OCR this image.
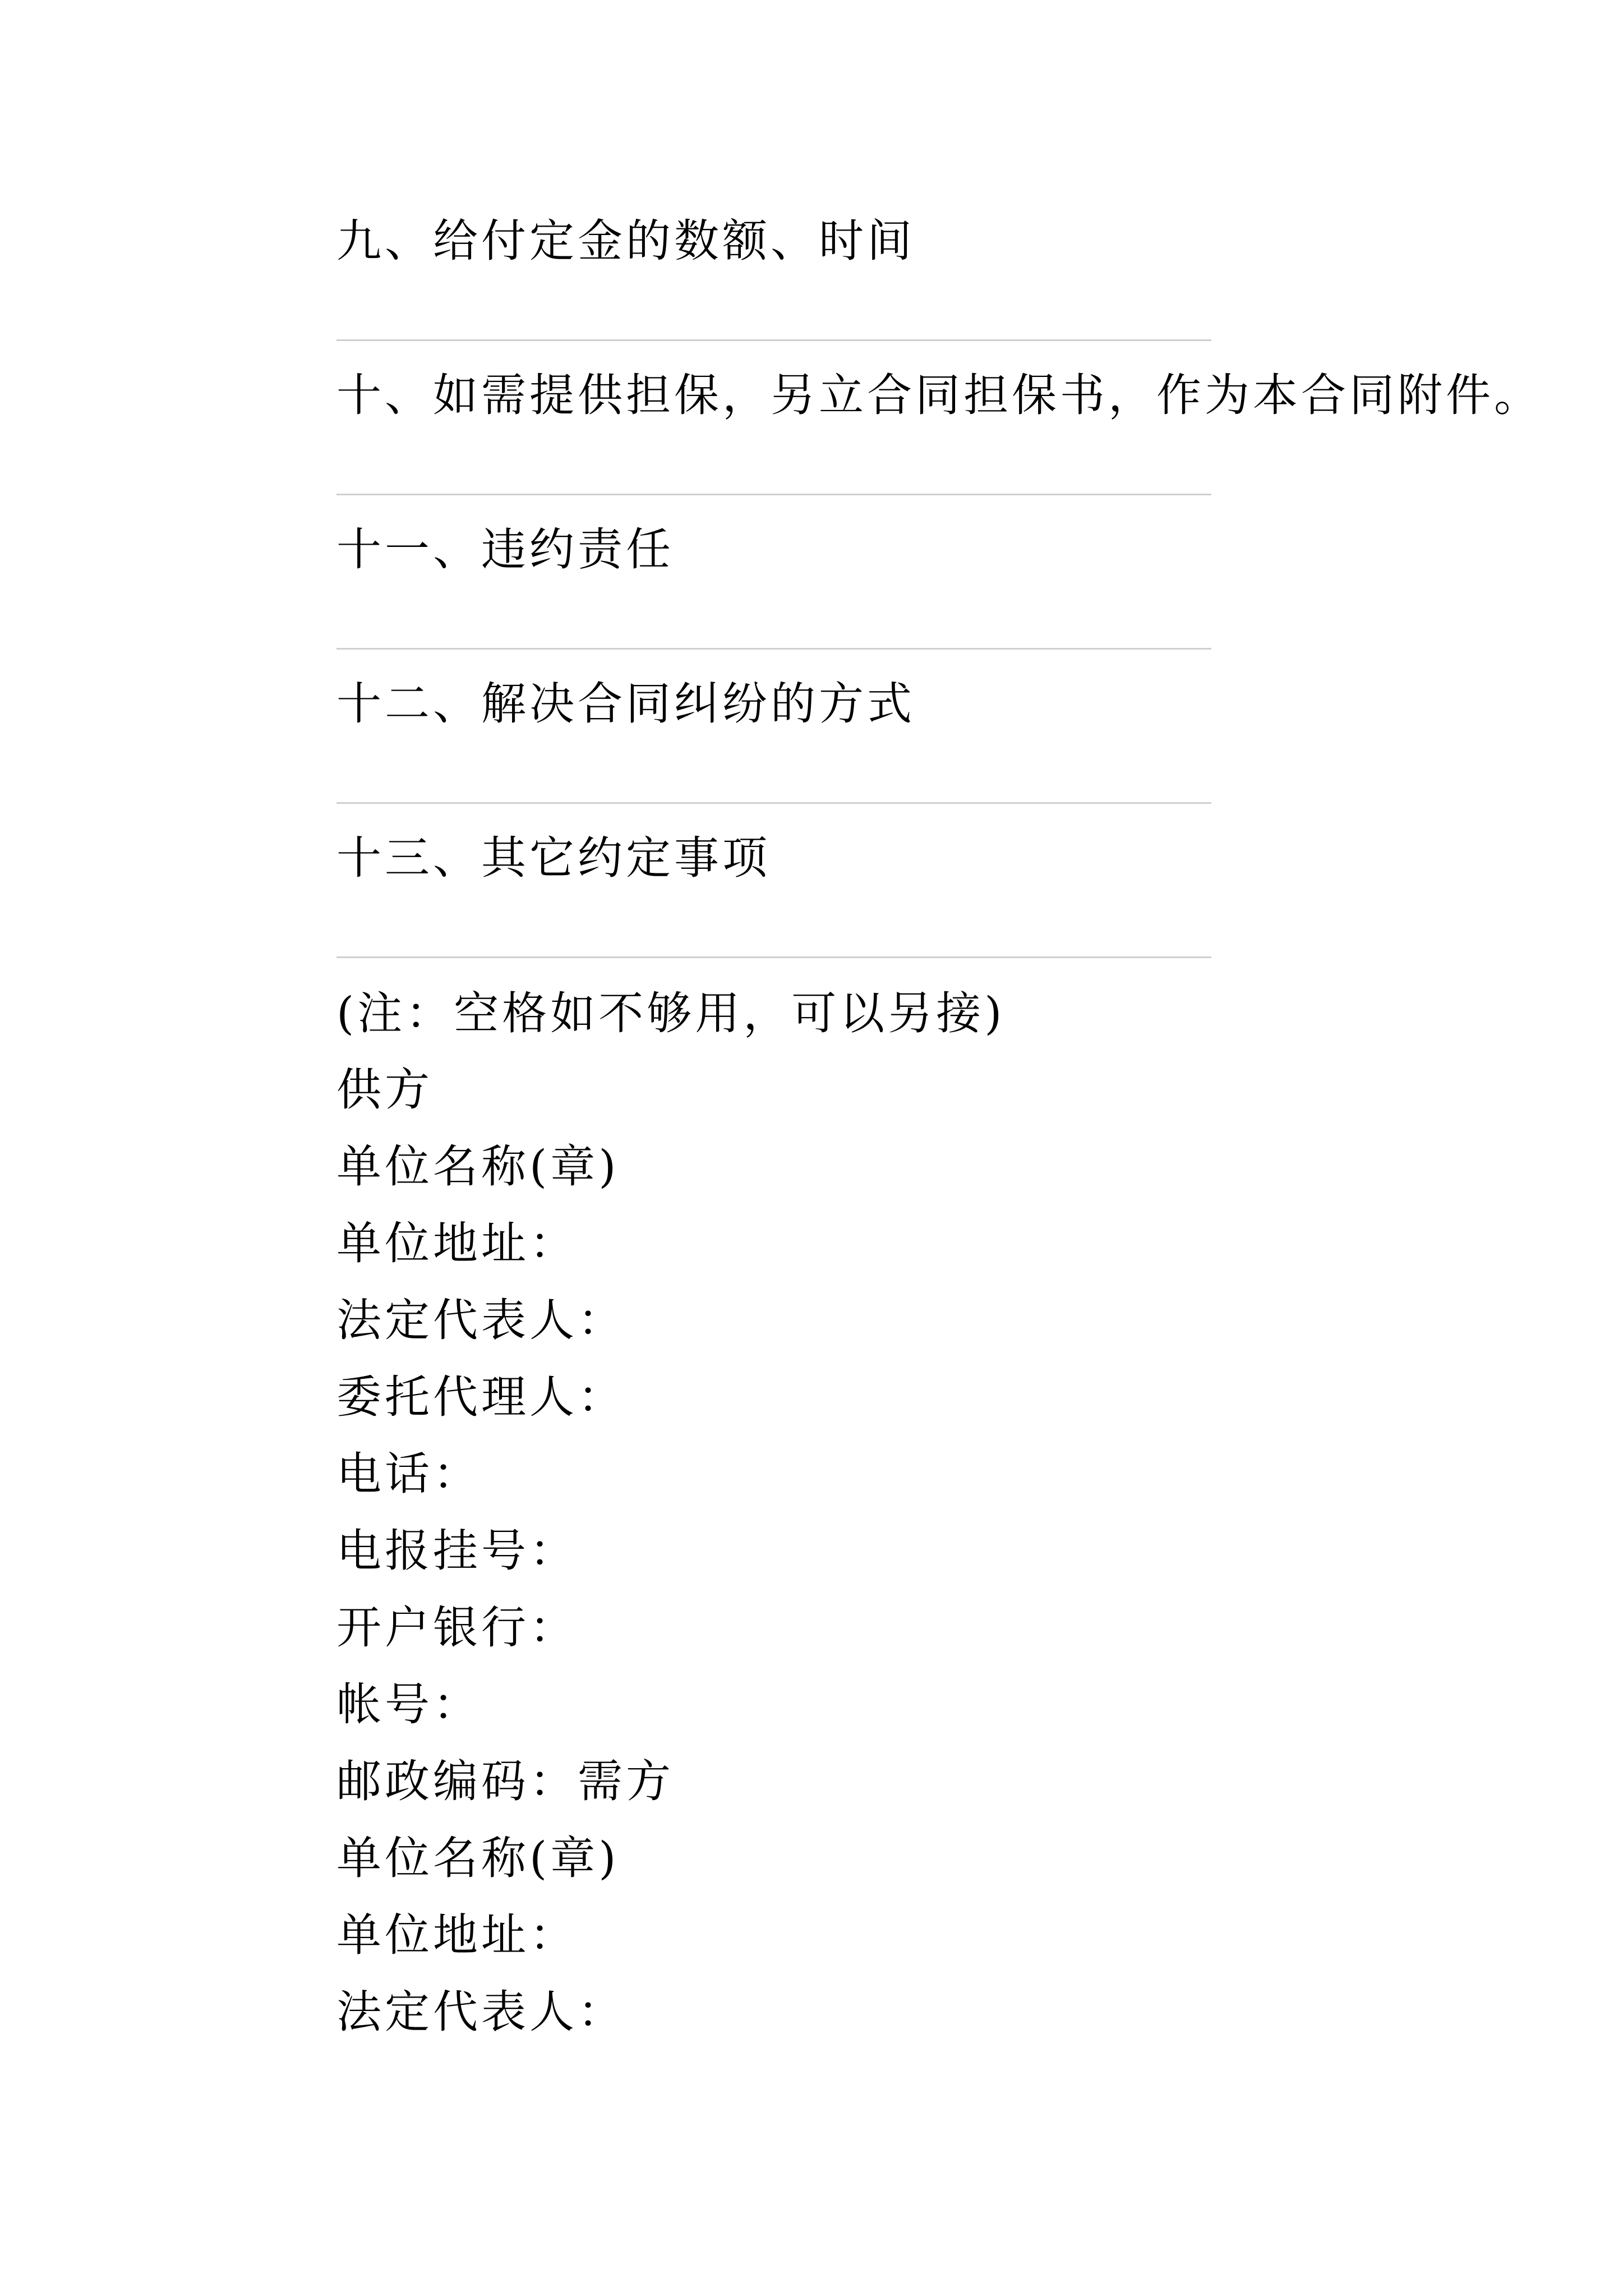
九、给付定金的数额、时间
十、如需提供担保，另立合同担保书，作为本合同附件。
十一、违约责任
十二、解决合同纠纷的方式
十三、其它约定事项
(注：空格如不够用，可以另接)
供方
单位名称(章)
单位地址：
法定代表人：
委托代理人：
电话：
电报挂号：
开户银行：
帐号：
邮政编码：需方
单位名称(章)
单位地址：
法定代表人：
